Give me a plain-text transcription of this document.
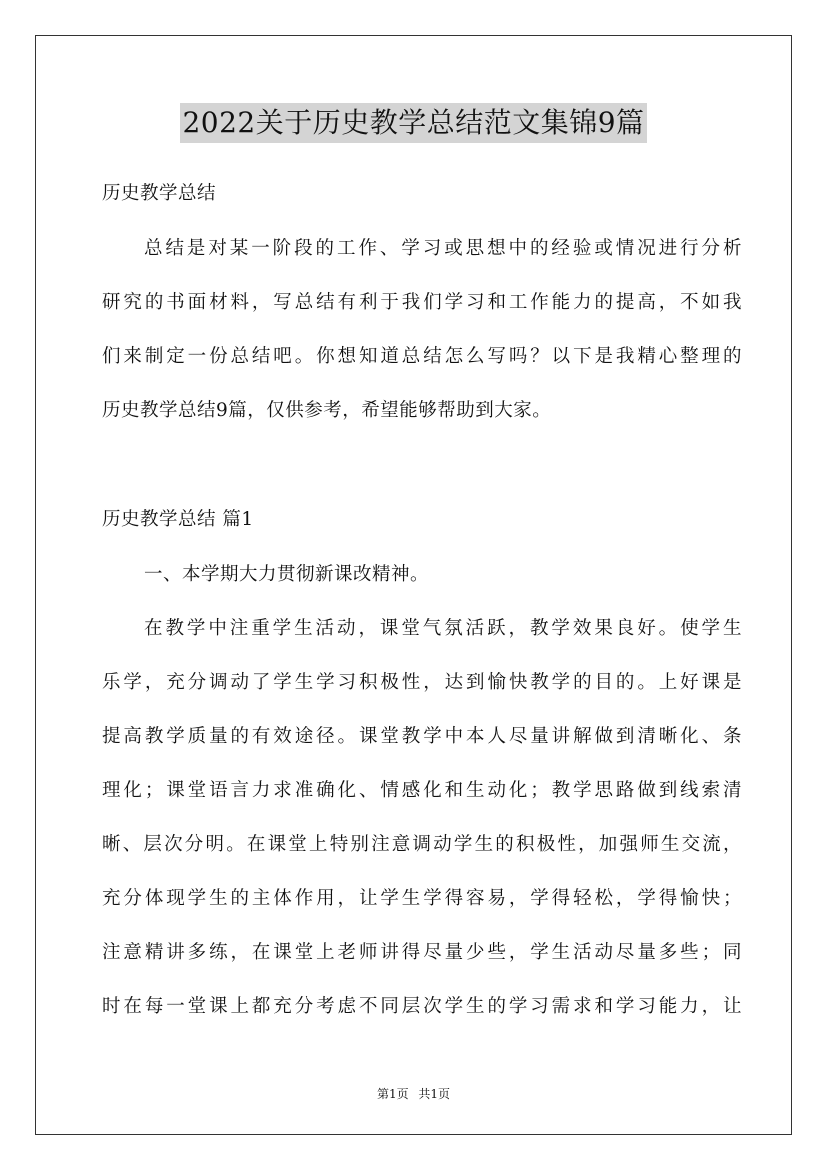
2022关于历史教学总结范文集锦9篇

历史教学总结

总结是对某一阶段的工作、学习或思想中的经验或情况进行分析

研究的书面材料，写总结有利于我们学习和工作能力的提高，不如我

们来制定一份总结吧。你想知道总结怎么写吗？以下是我精心整理的

历史教学总结9篇，仅供参考，希望能够帮助到大家。

历史教学总结 篇1

一、本学期大力贯彻新课改精神。

在教学中注重学生活动，课堂气氛活跃，教学效果良好。使学生

乐学，充分调动了学生学习积极性，达到愉快教学的目的。上好课是

提高教学质量的有效途径。课堂教学中本人尽量讲解做到清晰化、条

理化；课堂语言力求准确化、情感化和生动化；教学思路做到线索清

晰、层次分明。在课堂上特别注意调动学生的积极性，加强师生交流，

充分体现学生的主体作用，让学生学得容易，学得轻松，学得愉快；

注意精讲多练，在课堂上老师讲得尽量少些，学生活动尽量多些；同

时在每一堂课上都充分考虑不同层次学生的学习需求和学习能力，让

第1页 共1页
